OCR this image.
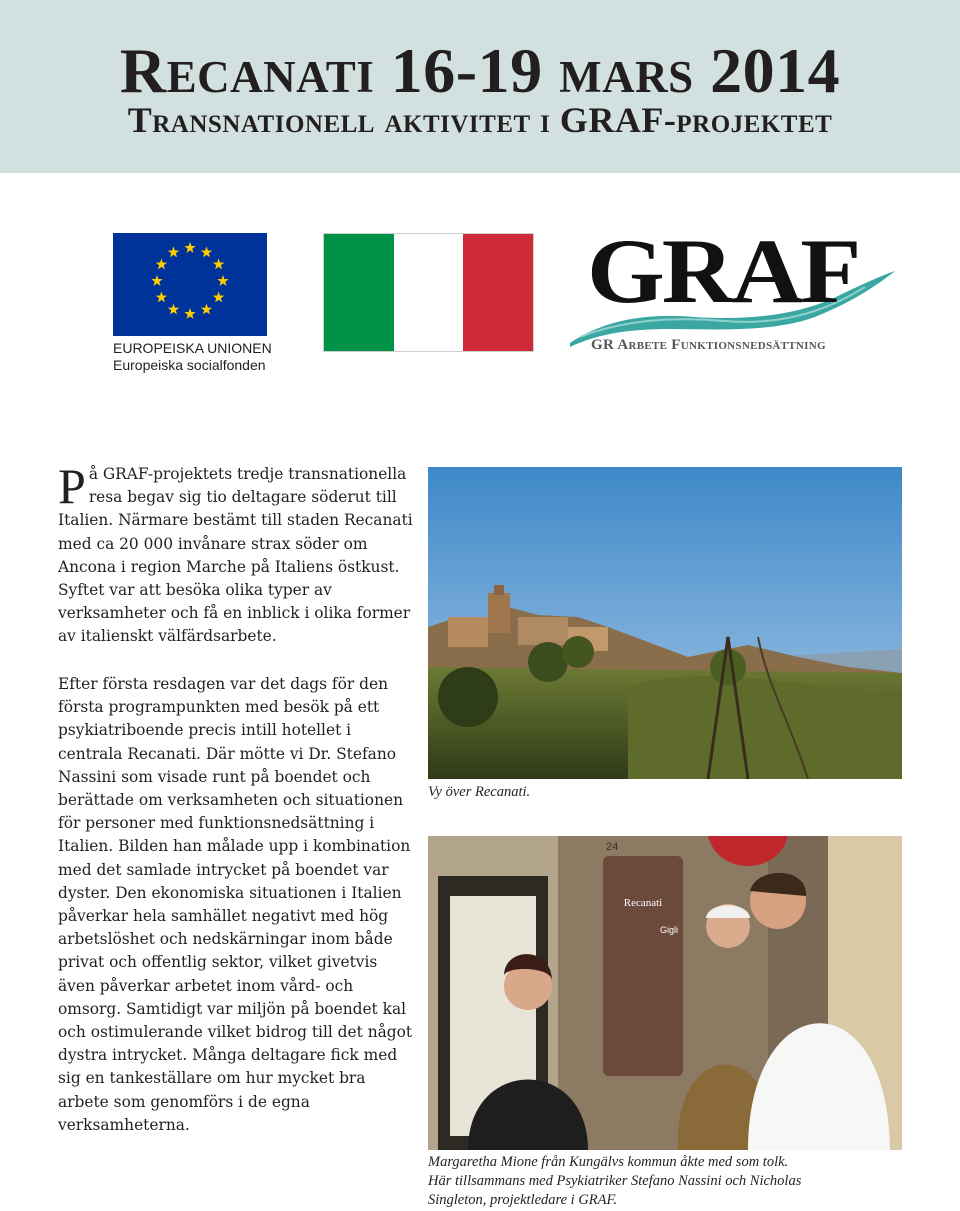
Recanati 16-19 mars 2014
Transnationell aktivitet i GRAF-projektet
EUROPEISKA UNIONEN
Europeiska socialfonden
GRAF
GR Arbete Funktionsnedsättning
På GRAF-projektets tredje transnationella resa begav sig tio deltagare söderut till Italien. Närmare bestämt till staden Recanati med ca 20 000 invånare strax söder om Ancona i region Marche på Italiens östkust. Syftet var att besöka olika typer av verksamheter och få en inblick i olika former av italienskt välfärdsarbete.
Efter första resdagen var det dags för den första programpunkten med besök på ett psykiatriboende precis intill hotellet i centrala Recanati. Där mötte vi Dr. Stefano Nassini som visade runt på boendet och berättade om verksamheten och situationen för personer med funktionsnedsättning i Italien. Bilden han målade upp i kombination med det samlade intrycket på boendet var dyster. Den ekonomiska situationen i Italien påverkar hela samhället negativt med hög arbetslöshet och nedskärningar inom både privat och offentlig sektor, vilket givetvis även påverkar arbetet inom vård- och omsorg. Samtidigt var miljön på boendet kal och ostimulerande vilket bidrog till det något dystra intrycket. Många deltagare fick med sig en tankeställare om hur mycket bra arbete som genomförs i de egna verksamheterna.
Vy över Recanati.
Recanati
Gigli
24
Margaretha Mione från Kungälvs kommun åkte med som tolk.
Här tillsammans med Psykiatriker Stefano Nassini och Nicholas
Singleton, projektledare i GRAF.
